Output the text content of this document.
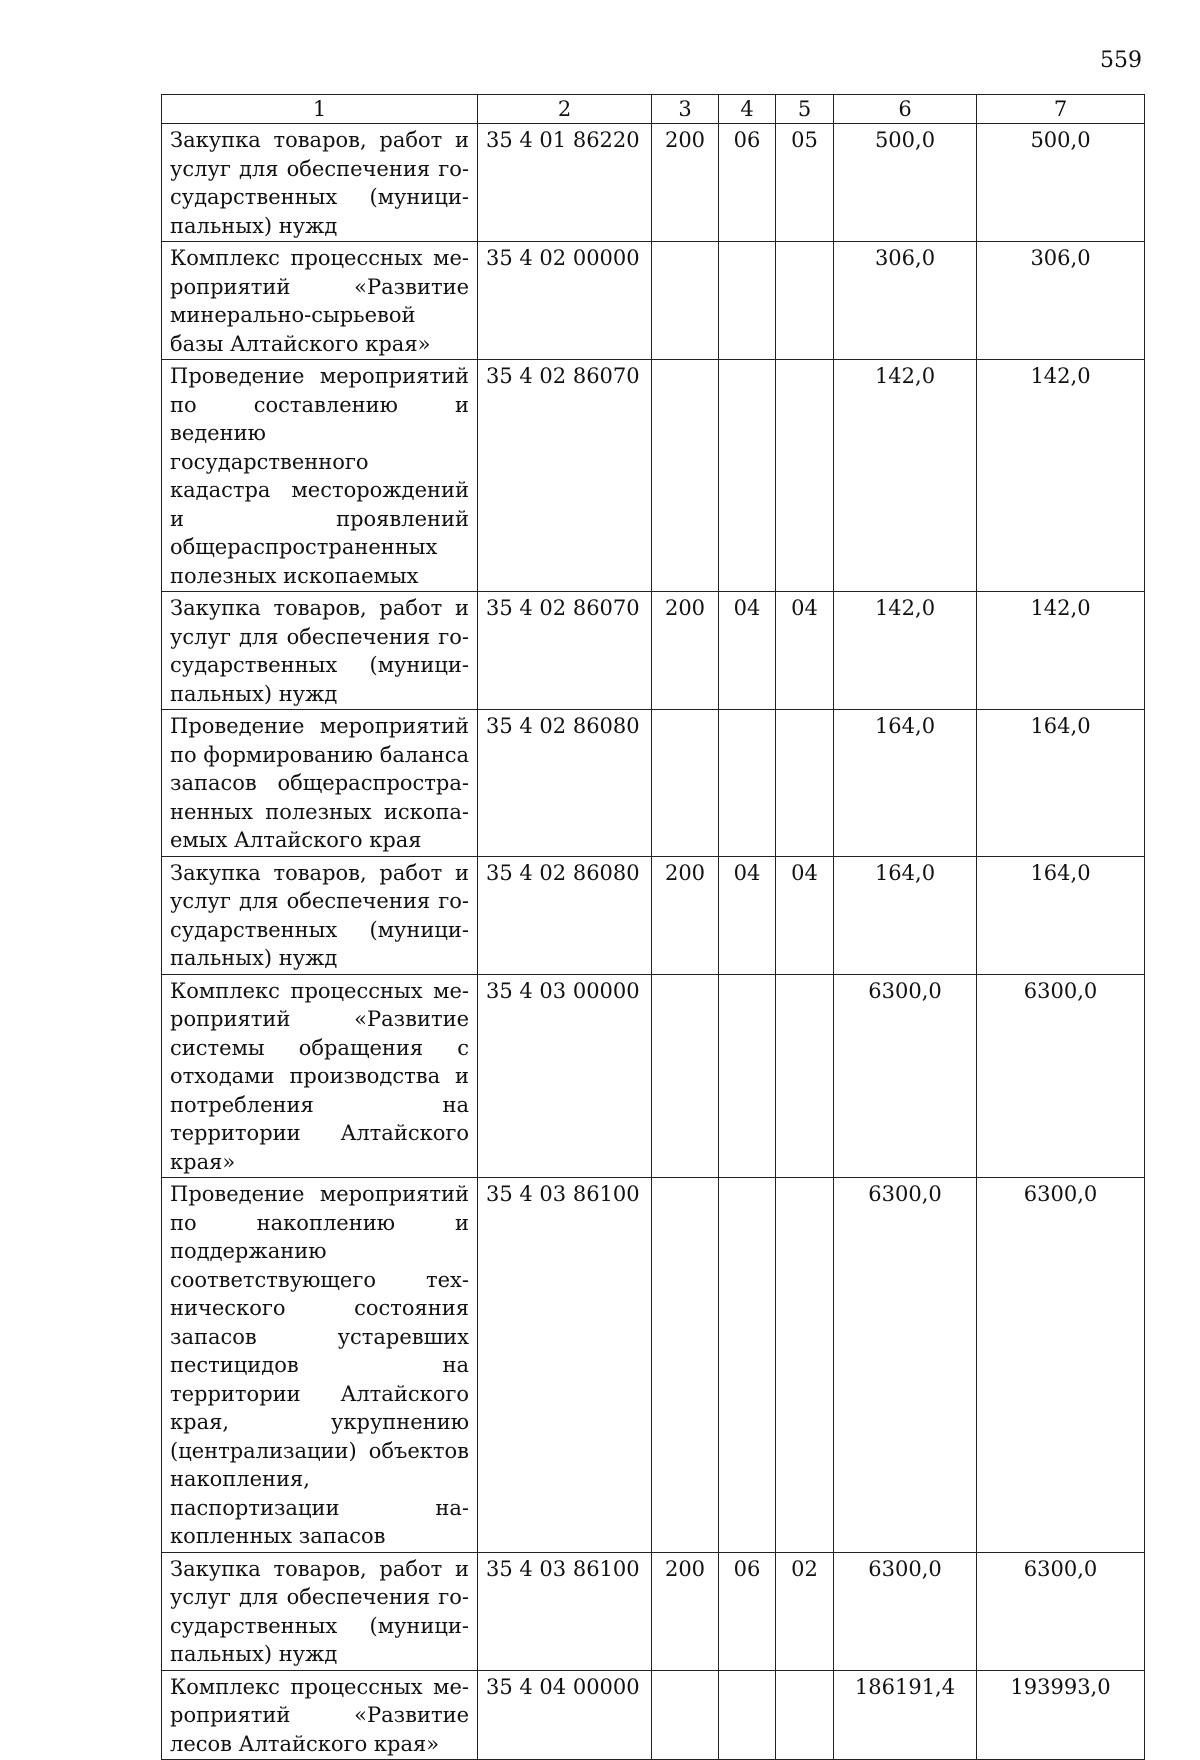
559
1	2	3	4	5	6	7
Закупка товаров, работ и услуг для обеспечения государственных (муниципальных) нужд	35 4 01 86220	200	06	05	500,0	500,0
Комплекс процессных мероприятий «Развитие минерально-сырьевой базы Алтайского края»	35 4 02 00000				306,0	306,0
Проведение мероприятий по составлению и ведению государственного кадастра месторождений и проявлений общераспространенных полезных ископаемых	35 4 02 86070				142,0	142,0
Закупка товаров, работ и услуг для обеспечения государственных (муниципальных) нужд	35 4 02 86070	200	04	04	142,0	142,0
Проведение мероприятий по формированию баланса запасов общераспространенных полезных ископаемых Алтайского края	35 4 02 86080				164,0	164,0
Закупка товаров, работ и услуг для обеспечения государственных (муниципальных) нужд	35 4 02 86080	200	04	04	164,0	164,0
Комплекс процессных мероприятий «Развитие системы обращения с отходами производства и потребления на территории Алтайского края»	35 4 03 00000				6300,0	6300,0
Проведение мероприятий по накоплению и поддержанию соответствующего технического состояния запасов устаревших пестицидов на территории Алтайского края, укрупнению (централизации) объектов накопления, паспортизации накопленных запасов	35 4 03 86100				6300,0	6300,0
Закупка товаров, работ и услуг для обеспечения государственных (муниципальных) нужд	35 4 03 86100	200	06	02	6300,0	6300,0
Комплекс процессных мероприятий «Развитие лесов Алтайского края»	35 4 04 00000				186191,4	193993,0
